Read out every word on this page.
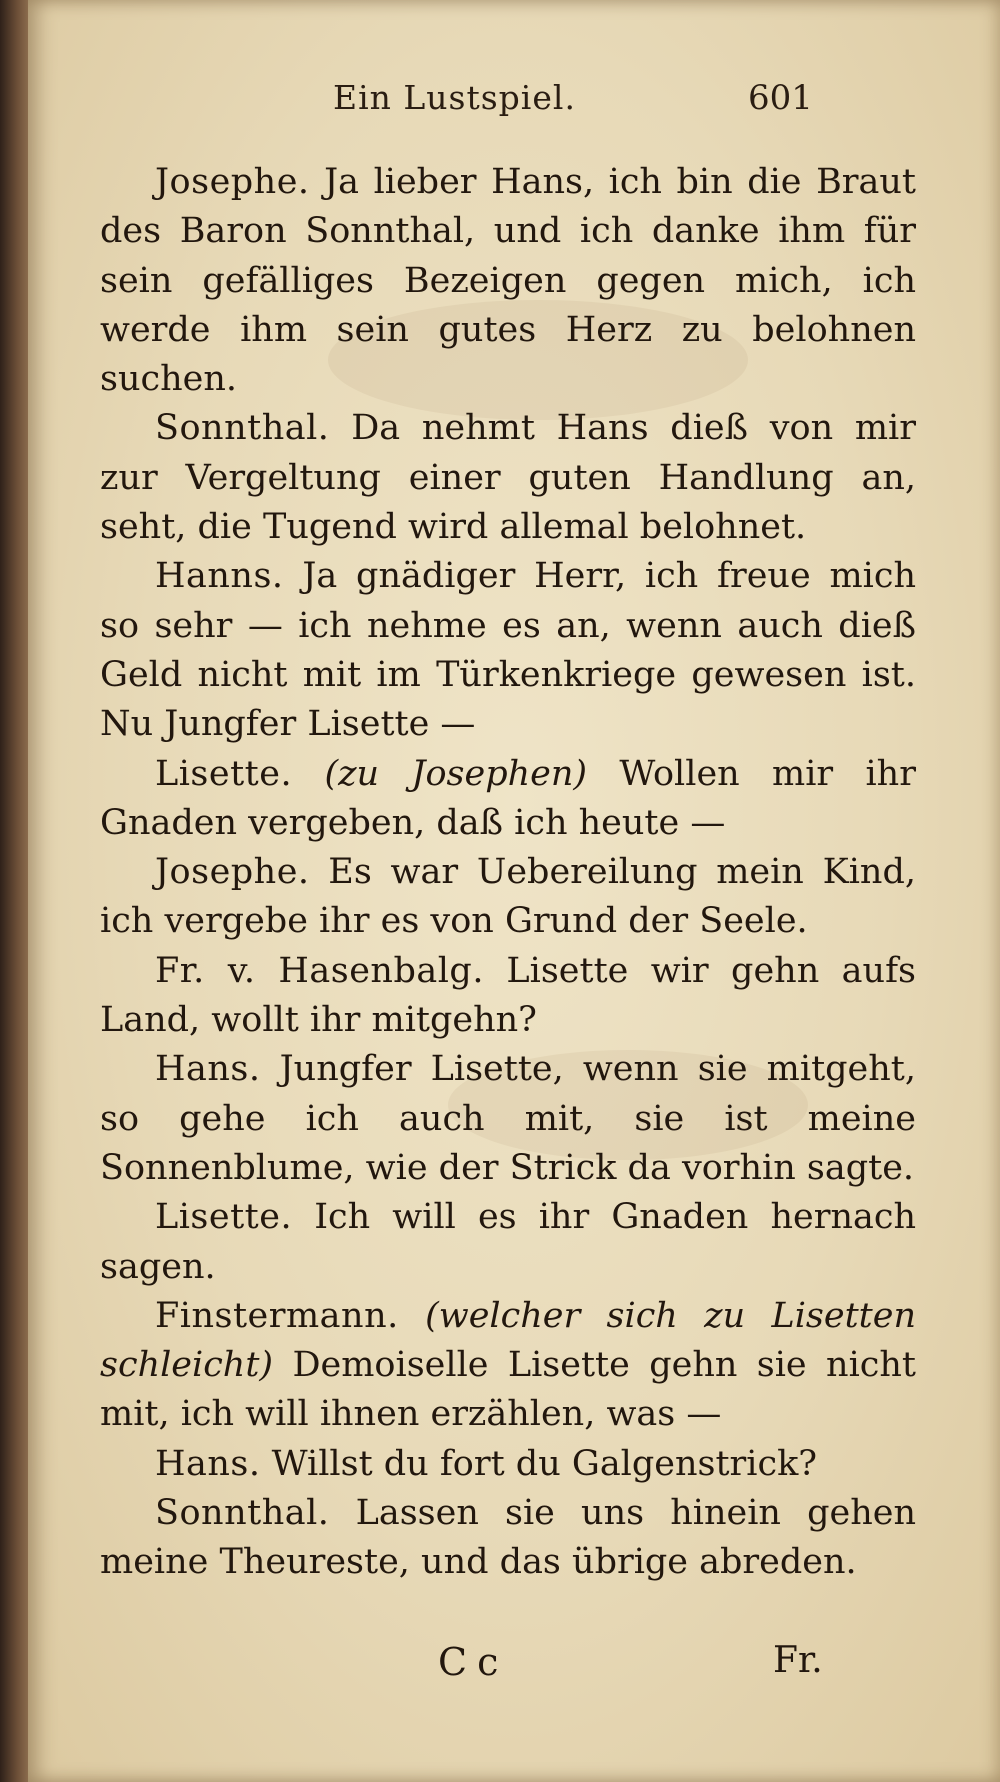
Ein Lustspiel.	601

Josephe. Ja lieber Hans, ich bin die Braut des Baron Sonnthal, und ich danke ihm für sein gefälliges Bezeigen gegen mich, ich werde ihm sein gutes Herz zu belohnen suchen.

Sonnthal. Da nehmt Hans dieß von mir zur Vergeltung einer guten Handlung an, seht, die Tugend wird allemal belohnet.

Hanns. Ja gnädiger Herr, ich freue mich so sehr — ich nehme es an, wenn auch dieß Geld nicht mit im Türkenkriege gewesen ist. Nu Jungfer Lisette —

Lisette. (zu Josephen) Wollen mir ihr Gnaden vergeben, daß ich heute —

Josephe. Es war Uebereilung mein Kind, ich vergebe ihr es von Grund der Seele.

Fr. v. Hasenbalg. Lisette wir gehn aufs Land, wollt ihr mitgehn?

Hans. Jungfer Lisette, wenn sie mitgeht, so gehe ich auch mit, sie ist meine Sonnenblume, wie der Strick da vorhin sagte.

Lisette. Ich will es ihr Gnaden hernach sagen.

Finstermann. (welcher sich zu Lisetten schleicht) Demoiselle Lisette gehn sie nicht mit, ich will ihnen erzählen, was —

Hans. Willst du fort du Galgenstrick?

Sonnthal. Lassen sie uns hinein gehen meine Theureste, und das übrige abreden.

Cc	Fr.
